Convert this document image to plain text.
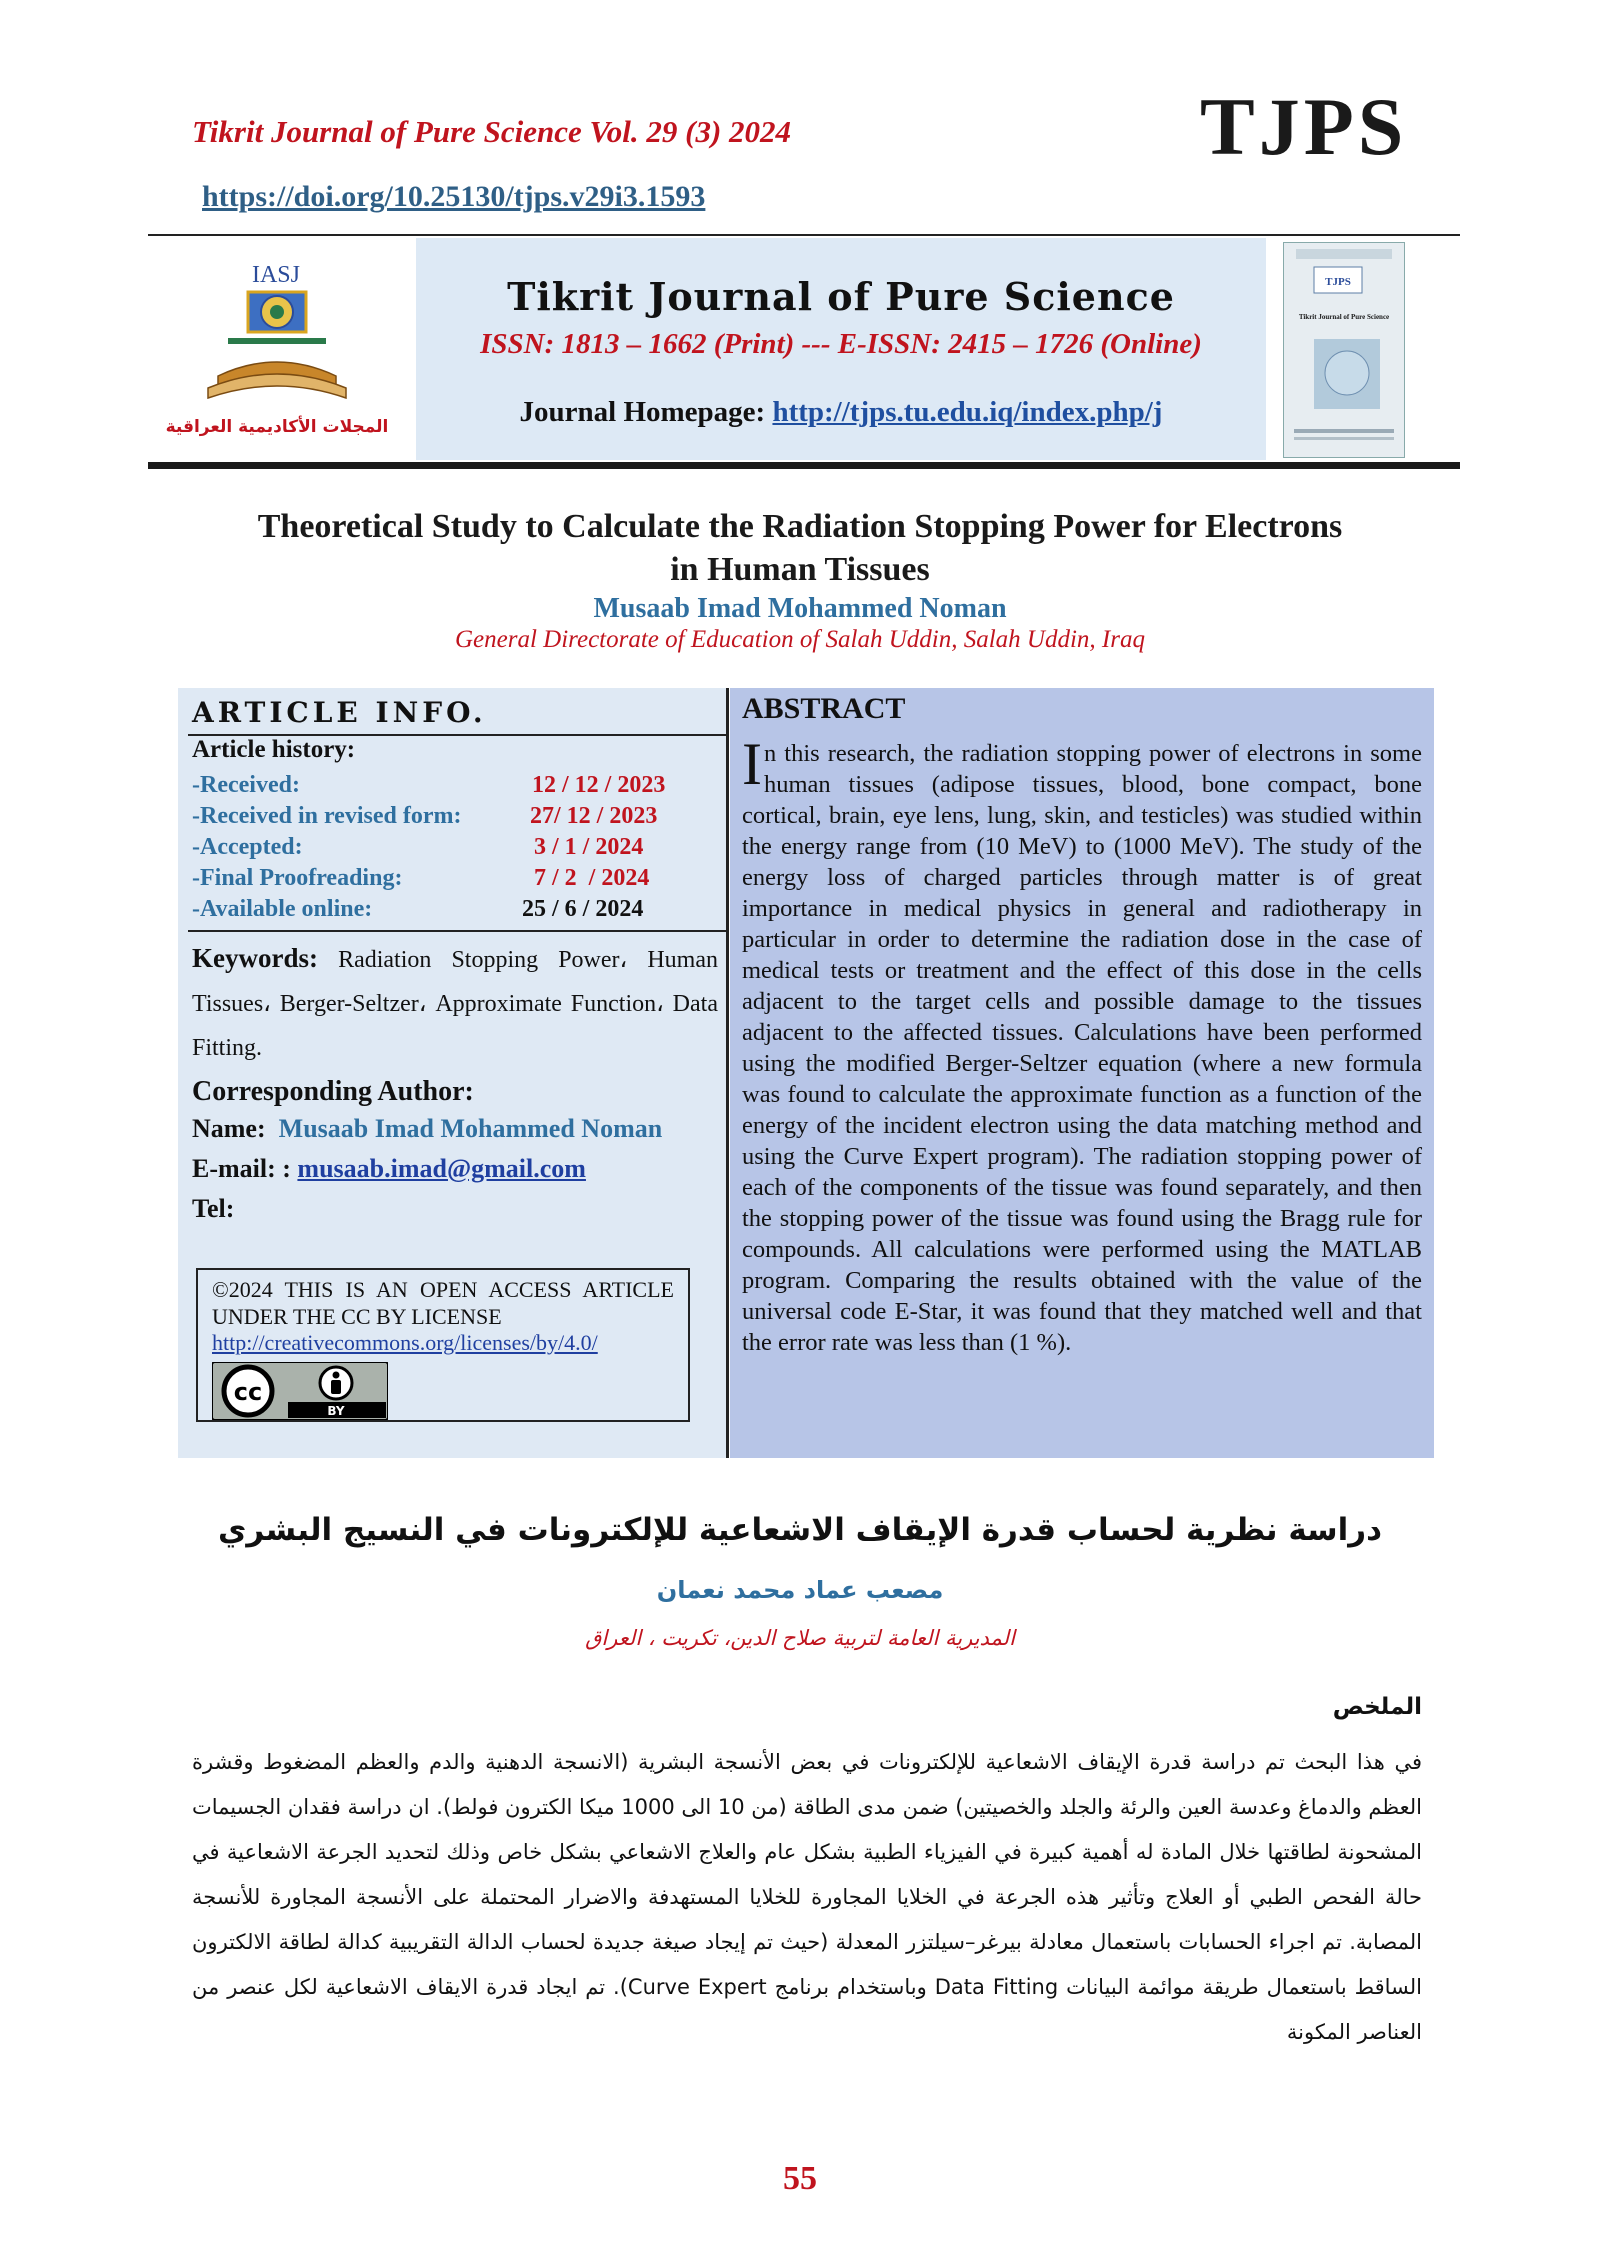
Tikrit Journal of Pure Science Vol. 29 (3) 2024	TJPS
https://doi.org/10.25130/tjps.v29i3.1593
IASJ
المجلات الأكاديمية العراقية
Tikrit Journal of Pure Science
ISSN: 1813 – 1662 (Print) --- E-ISSN: 2415 – 1726 (Online)
Journal Homepage: http://tjps.tu.edu.iq/index.php/j
TJPS
Tikrit Journal of Pure Science
Theoretical Study to Calculate the Radiation Stopping Power for Electrons
in Human Tissues
Musaab Imad Mohammed Noman
General Directorate of Education of Salah Uddin, Salah Uddin, Iraq
ARTICLE INFO.
Article history:
-Received:	12 / 12 / 2023
-Received in revised form:	27/ 12 / 2023
-Accepted:	3 / 1 / 2024
-Final Proofreading:	7 / 2  / 2024
-Available online:	25 / 6 / 2024
Keywords: Radiation Stopping Power، Human Tissues، Berger-Seltzer، Approximate Function، Data Fitting.
Corresponding Author:
Name:  Musaab Imad Mohammed Noman
E-mail: : musaab.imad@gmail.com
Tel:
©2024 THIS IS AN OPEN ACCESS ARTICLE UNDER THE CC BY LICENSE
http://creativecommons.org/licenses/by/4.0/
cc
BY
ABSTRACT
In this research, the radiation stopping power of electrons in some human tissues (adipose tissues, blood, bone compact, bone cortical, brain, eye lens, lung, skin, and testicles) was studied within the energy range from (10 MeV) to (1000 MeV). The study of the energy loss of charged particles through matter is of great importance in medical physics in general and radiotherapy in particular in order to determine the radiation dose in the case of medical tests or treatment and the effect of this dose in the cells adjacent to the target cells and possible damage to the tissues adjacent to the affected tissues. Calculations have been performed using the modified Berger-Seltzer equation (where a new formula was found to calculate the approximate function as a function of the energy of the incident electron using the data matching method and using the Curve Expert program). The radiation stopping power of each of the components of the tissue was found separately, and then the stopping power of the tissue was found using the Bragg rule for compounds. All calculations were performed using the MATLAB program. Comparing the results obtained with the value of the universal code E-Star, it was found that they matched well and that the error rate was less than (1 %).
دراسة نظرية لحساب قدرة الإيقاف الاشعاعية للإلكترونات في النسيج البشري
مصعب عماد محمد نعمان
المديرية العامة لتربية صلاح الدين، تكريت ، العراق
الملخص
في هذا البحث تم دراسة قدرة الإيقاف الاشعاعية للإلكترونات في بعض الأنسجة البشرية (الانسجة الدهنية والدم والعظم المضغوط وقشرة العظم والدماغ وعدسة العين والرئة والجلد والخصيتين) ضمن مدى الطاقة (من 10 الى 1000 ميكا الكترون فولط). ان دراسة فقدان الجسيمات المشحونة لطاقتها خلال المادة له أهمية كبيرة في الفيزياء الطبية بشكل عام والعلاج الاشعاعي بشكل خاص وذلك لتحديد الجرعة الاشعاعية في حالة الفحص الطبي أو العلاج وتأثير هذه الجرعة في الخلايا المجاورة للخلايا المستهدفة والاضرار المحتملة على الأنسجة المجاورة للأنسجة المصابة. تم اجراء الحسابات باستعمال معادلة بيرغر–سيلتزر المعدلة (حيث تم إيجاد صيغة جديدة لحساب الدالة التقريبية كدالة لطاقة الالكترون الساقط باستعمال طريقة موائمة البيانات Data Fitting وباستخدام برنامج Curve Expert). تم ايجاد قدرة الايقاف الاشعاعية لكل عنصر من العناصر المكونة
55
